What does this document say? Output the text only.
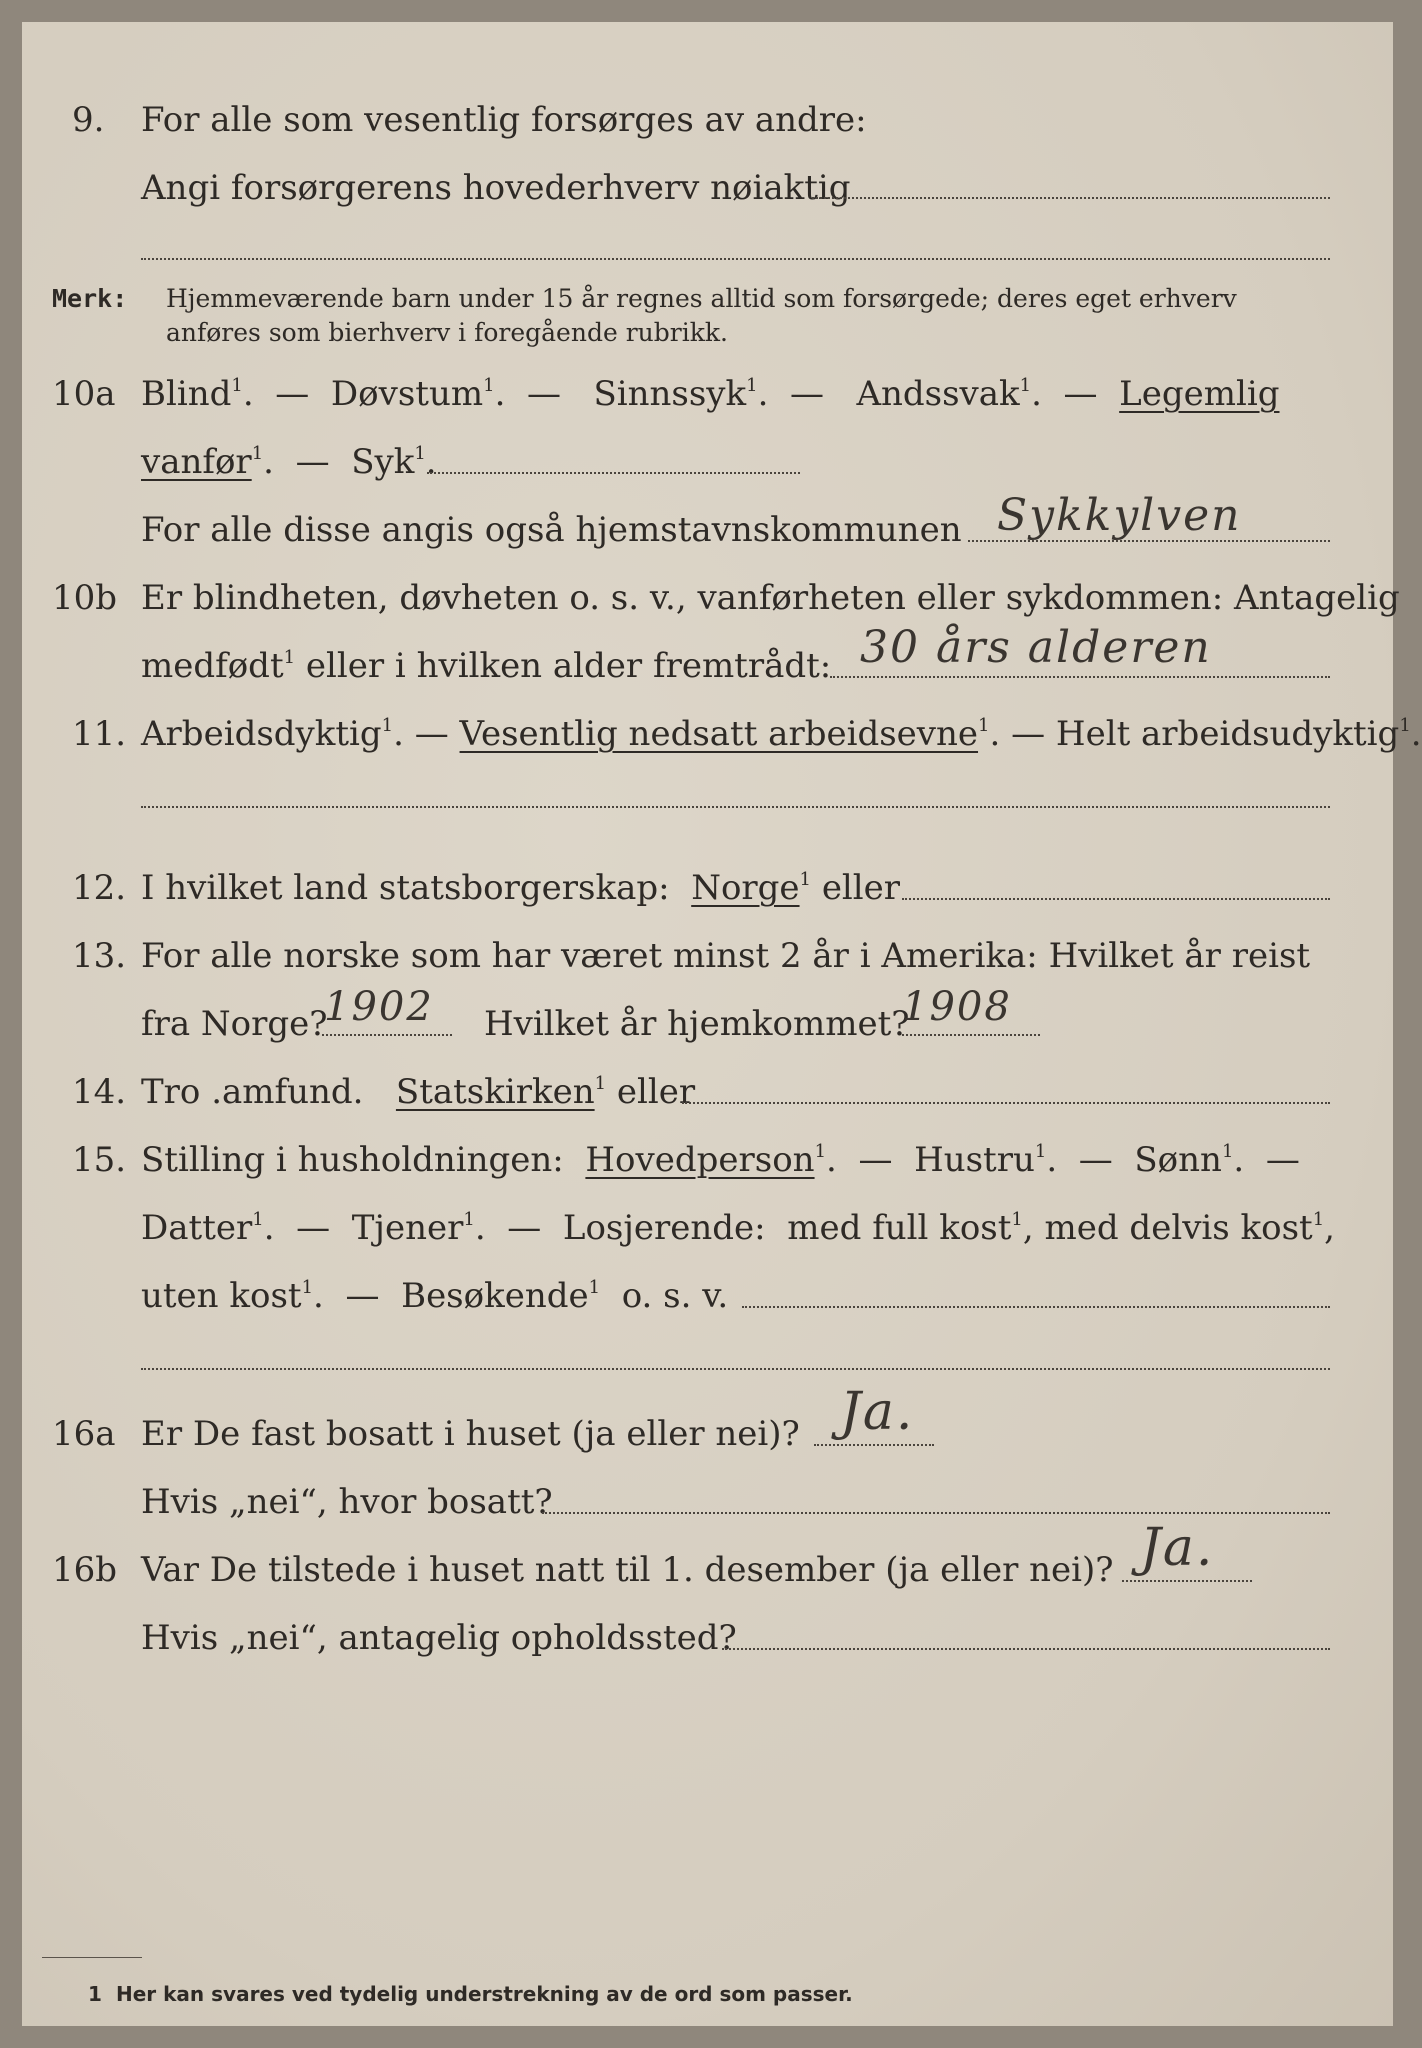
9. For alle som vesentlig forsørges av andre:
Angi forsørgerens hovederhverv nøiaktig
Merk: Hjemmeværende barn under 15 år regnes alltid som forsørgede; deres eget erhverv
anføres som bierhverv i foregående rubrikk.
10a Blind$^1$.  — Døvstum$^1$.  — Sinnssyk$^1$.  — Andssvak$^1$.  — Legemlig
vanfør$^1$.  — Syk$^1$.
For alle disse angis også hjemstavnskommunen Sykkylven
10b Er blindheten, døvheten o. s. v., vanførheten eller sykdommen: Antagelig
medfødt$^1$ eller i hvilken alder fremtrådt: 30 års alderen
11. Arbeidsdyktig$^1$. — Vesentlig nedsatt arbeidsevne$^1$. — Helt arbeidsudyktig$^1$.
12. I hvilket land statsborgerskap: Norge$^1$ eller
13. For alle norske som har været minst 2 år i Amerika: Hvilket år reist
fra Norge?
1902 Hvilket år hjemkommet?
1908
14. Tro .amfund. Statskirken$^1$ eller
15. Stilling i husholdningen: Hovedperson$^1$.  —  Hustru$^1$.  —  Sønn$^1$.  —
Datter$^1$.  —  Tjener$^1$.  —  Losjerende: med full kost$^1$, med delvis kost$^1$,
uten kost$^1$.  —  Besøkende$^1$ o. s. v.
16a Er De fast bosatt i huset (ja eller nei)? Ja.
Hvis „nei“, hvor bosatt?
16b Var De tilstede i huset natt til 1. desember (ja eller nei)? Ja.
Hvis „nei“, antagelig opholdssted?
1 Her kan svares ved tydelig understrekning av de ord som passer.
